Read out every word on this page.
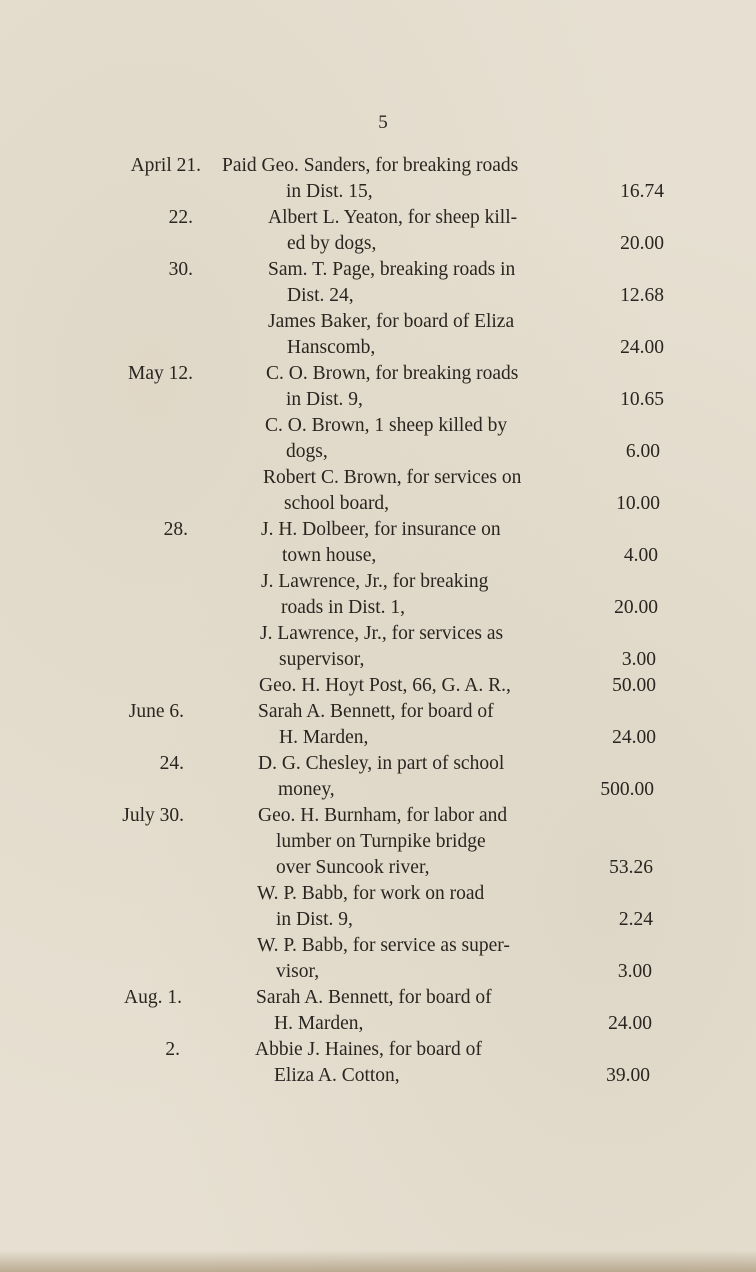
5
April 21. Paid Geo. Sanders, for breaking roads
in Dist. 15,	16.74
22.	Albert L. Yeaton, for sheep kill-
ed by dogs,	20.00
30.	Sam. T. Page, breaking roads in
Dist. 24,	12.68
James Baker, for board of Eliza
Hanscomb,	24.00
May 12.	C. O. Brown, for breaking roads
in Dist. 9,	10.65
C. O. Brown, 1 sheep killed by
dogs,	6.00
Robert C. Brown, for services on
school board,	10.00
28.	J. H. Dolbeer, for insurance on
town house,	4.00
J. Lawrence, Jr., for breaking
roads in Dist. 1,	20.00
J. Lawrence, Jr., for services as
supervisor,	3.00
Geo. H. Hoyt Post, 66, G. A. R.,	50.00
June 6.	Sarah A. Bennett, for board of
H. Marden,	24.00
24.	D. G. Chesley, in part of school
money,	500.00
July 30.	Geo. H. Burnham, for labor and
lumber on Turnpike bridge
over Suncook river,	53.26
W. P. Babb, for work on road
in Dist. 9,	2.24
W. P. Babb, for service as super-
visor,	3.00
Aug. 1.	Sarah A. Bennett, for board of
H. Marden,	24.00
2.	Abbie J. Haines, for board of
Eliza A. Cotton,	39.00
